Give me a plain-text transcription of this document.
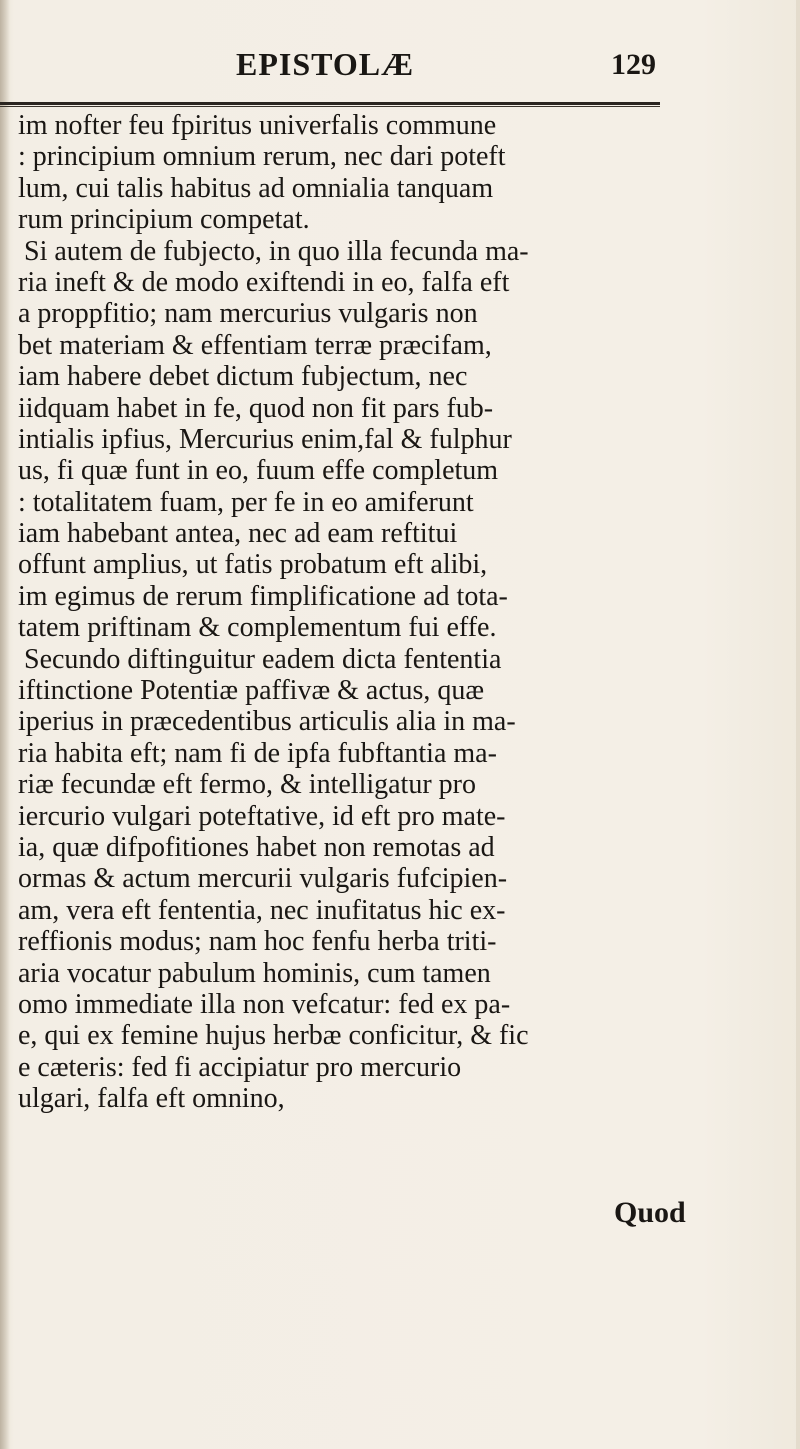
EPISTOLÆ	129
im nofter feu fpiritus univerfalis commune
: principium omnium rerum, nec dari poteft
lum, cui talis habitus ad omnialia tanquam
rum principium competat.
Si autem de fubjecto, in quo illa fecunda ma-
ria ineft & de modo exiftendi in eo, falfa eft
a proppfitio; nam mercurius vulgaris non
bet materiam & effentiam terræ præcifam,
iam habere debet dictum fubjectum, nec
iidquam habet in fe, quod non fit pars fub-
intialis ipfius, Mercurius enim,fal & fulphur
us, fi quæ funt in eo, fuum effe completum
: totalitatem fuam, per fe in eo amiferunt
iam habebant antea, nec ad eam reftitui
offunt amplius, ut fatis probatum eft alibi,
im egimus de rerum fimplificatione ad tota-
tatem priftinam & complementum fui effe.
Secundo diftinguitur eadem dicta fententia
iftinctione Potentiæ paffivæ & actus, quæ
iperius in præcedentibus articulis alia in ma-
ria habita eft; nam fi de ipfa fubftantia ma-
riæ fecundæ eft fermo, & intelligatur pro
iercurio vulgari poteftative, id eft pro mate-
ia, quæ difpofitiones habet non remotas ad
ormas & actum mercurii vulgaris fufcipien-
am, vera eft fententia, nec inufitatus hic ex-
reffionis modus; nam hoc fenfu herba triti-
aria vocatur pabulum hominis, cum tamen
omo immediate illa non vefcatur: fed ex pa-
e, qui ex femine hujus herbæ conficitur, & fic
e cæteris: fed fi accipiatur pro mercurio
ulgari, falfa eft omnino,
Quod
